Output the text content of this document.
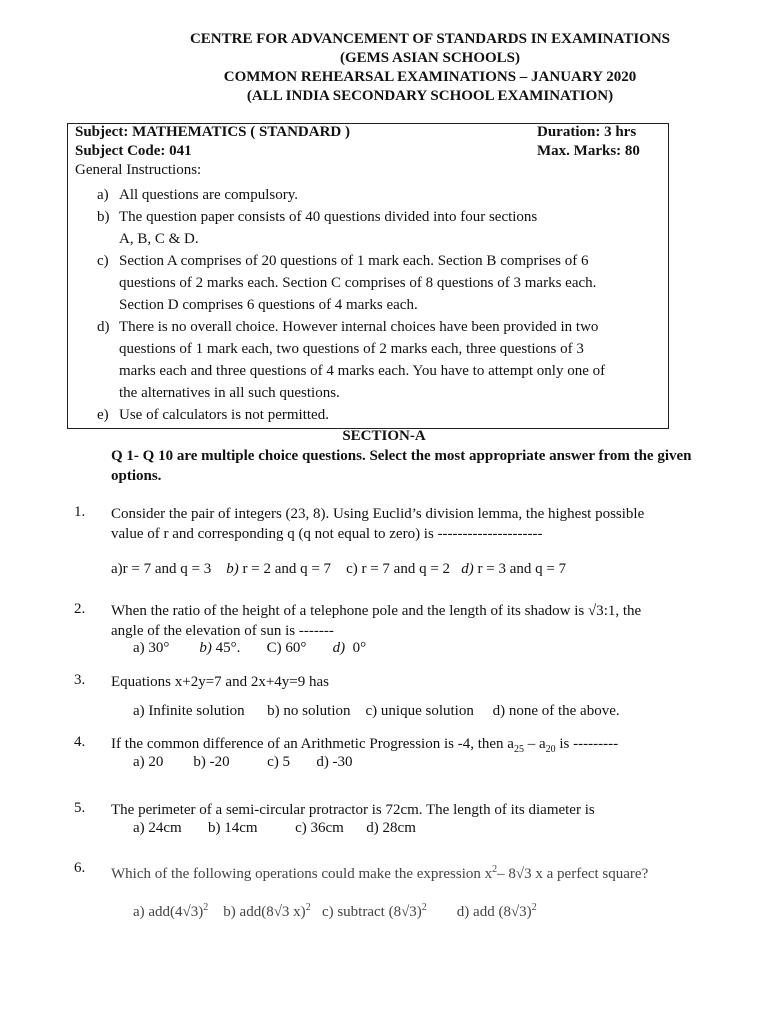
CENTRE FOR ADVANCEMENT OF STANDARDS IN EXAMINATIONS
(GEMS ASIAN SCHOOLS)
COMMON REHEARSAL EXAMINATIONS – JANUARY 2020
(ALL INDIA SECONDARY SCHOOL EXAMINATION)
Subject: MATHEMATICS ( STANDARD )	Duration: 3 hrs
Subject Code: 041	Max. Marks: 80
General Instructions:
a) All questions are compulsory.
b) The question paper consists of 40 questions divided into four sections
A, B, C & D.
c) Section A comprises of 20 questions of 1 mark each. Section B comprises of 6
questions of 2 marks each. Section C comprises of 8 questions of 3 marks each.
Section D comprises 6 questions of 4 marks each.
d) There is no overall choice. However internal choices have been provided in two
questions of 1 mark each, two questions of 2 marks each, three questions of 3
marks each and three questions of 4 marks each. You have to attempt only one of
the alternatives in all such questions.
e) Use of calculators is not permitted.
SECTION-A
Q 1- Q 10 are multiple choice questions. Select the most appropriate answer from the given options.
1. Consider the pair of integers (23, 8). Using Euclid’s division lemma, the highest possible
value of r and corresponding q (q not equal to zero) is ---------------------
a)r = 7 and q = 3 b) r = 2 and q = 7 c) r = 7 and q = 2 d) r = 3 and q = 7
2. When the ratio of the height of a telephone pole and the length of its shadow is √3:1, the
angle of the elevation of sun is -------
a) 30° b) 45°. C) 60° d) 0°
3. Equations x+2y=7 and 2x+4y=9 has
a) Infinite solution b) no solution c) unique solution d) none of the above.
4. If the common difference of an Arithmetic Progression is -4, then $a_{25} - a_{20}$ is ---------
a) 20 b) -20	c) 5 d) -30
5. The perimeter of a semi-circular protractor is 72cm. The length of its diameter is
a) 24cm b) 14cm	c) 36cm d) 28cm
6. Which of the following operations could make the expression $x^2-$ 8√3 x a perfect square?
a) $add(4√3)^2$ b) add(8√3 x)$^2$ c) subtract $(8√3)^2$ d) add $(8√3)^2$
